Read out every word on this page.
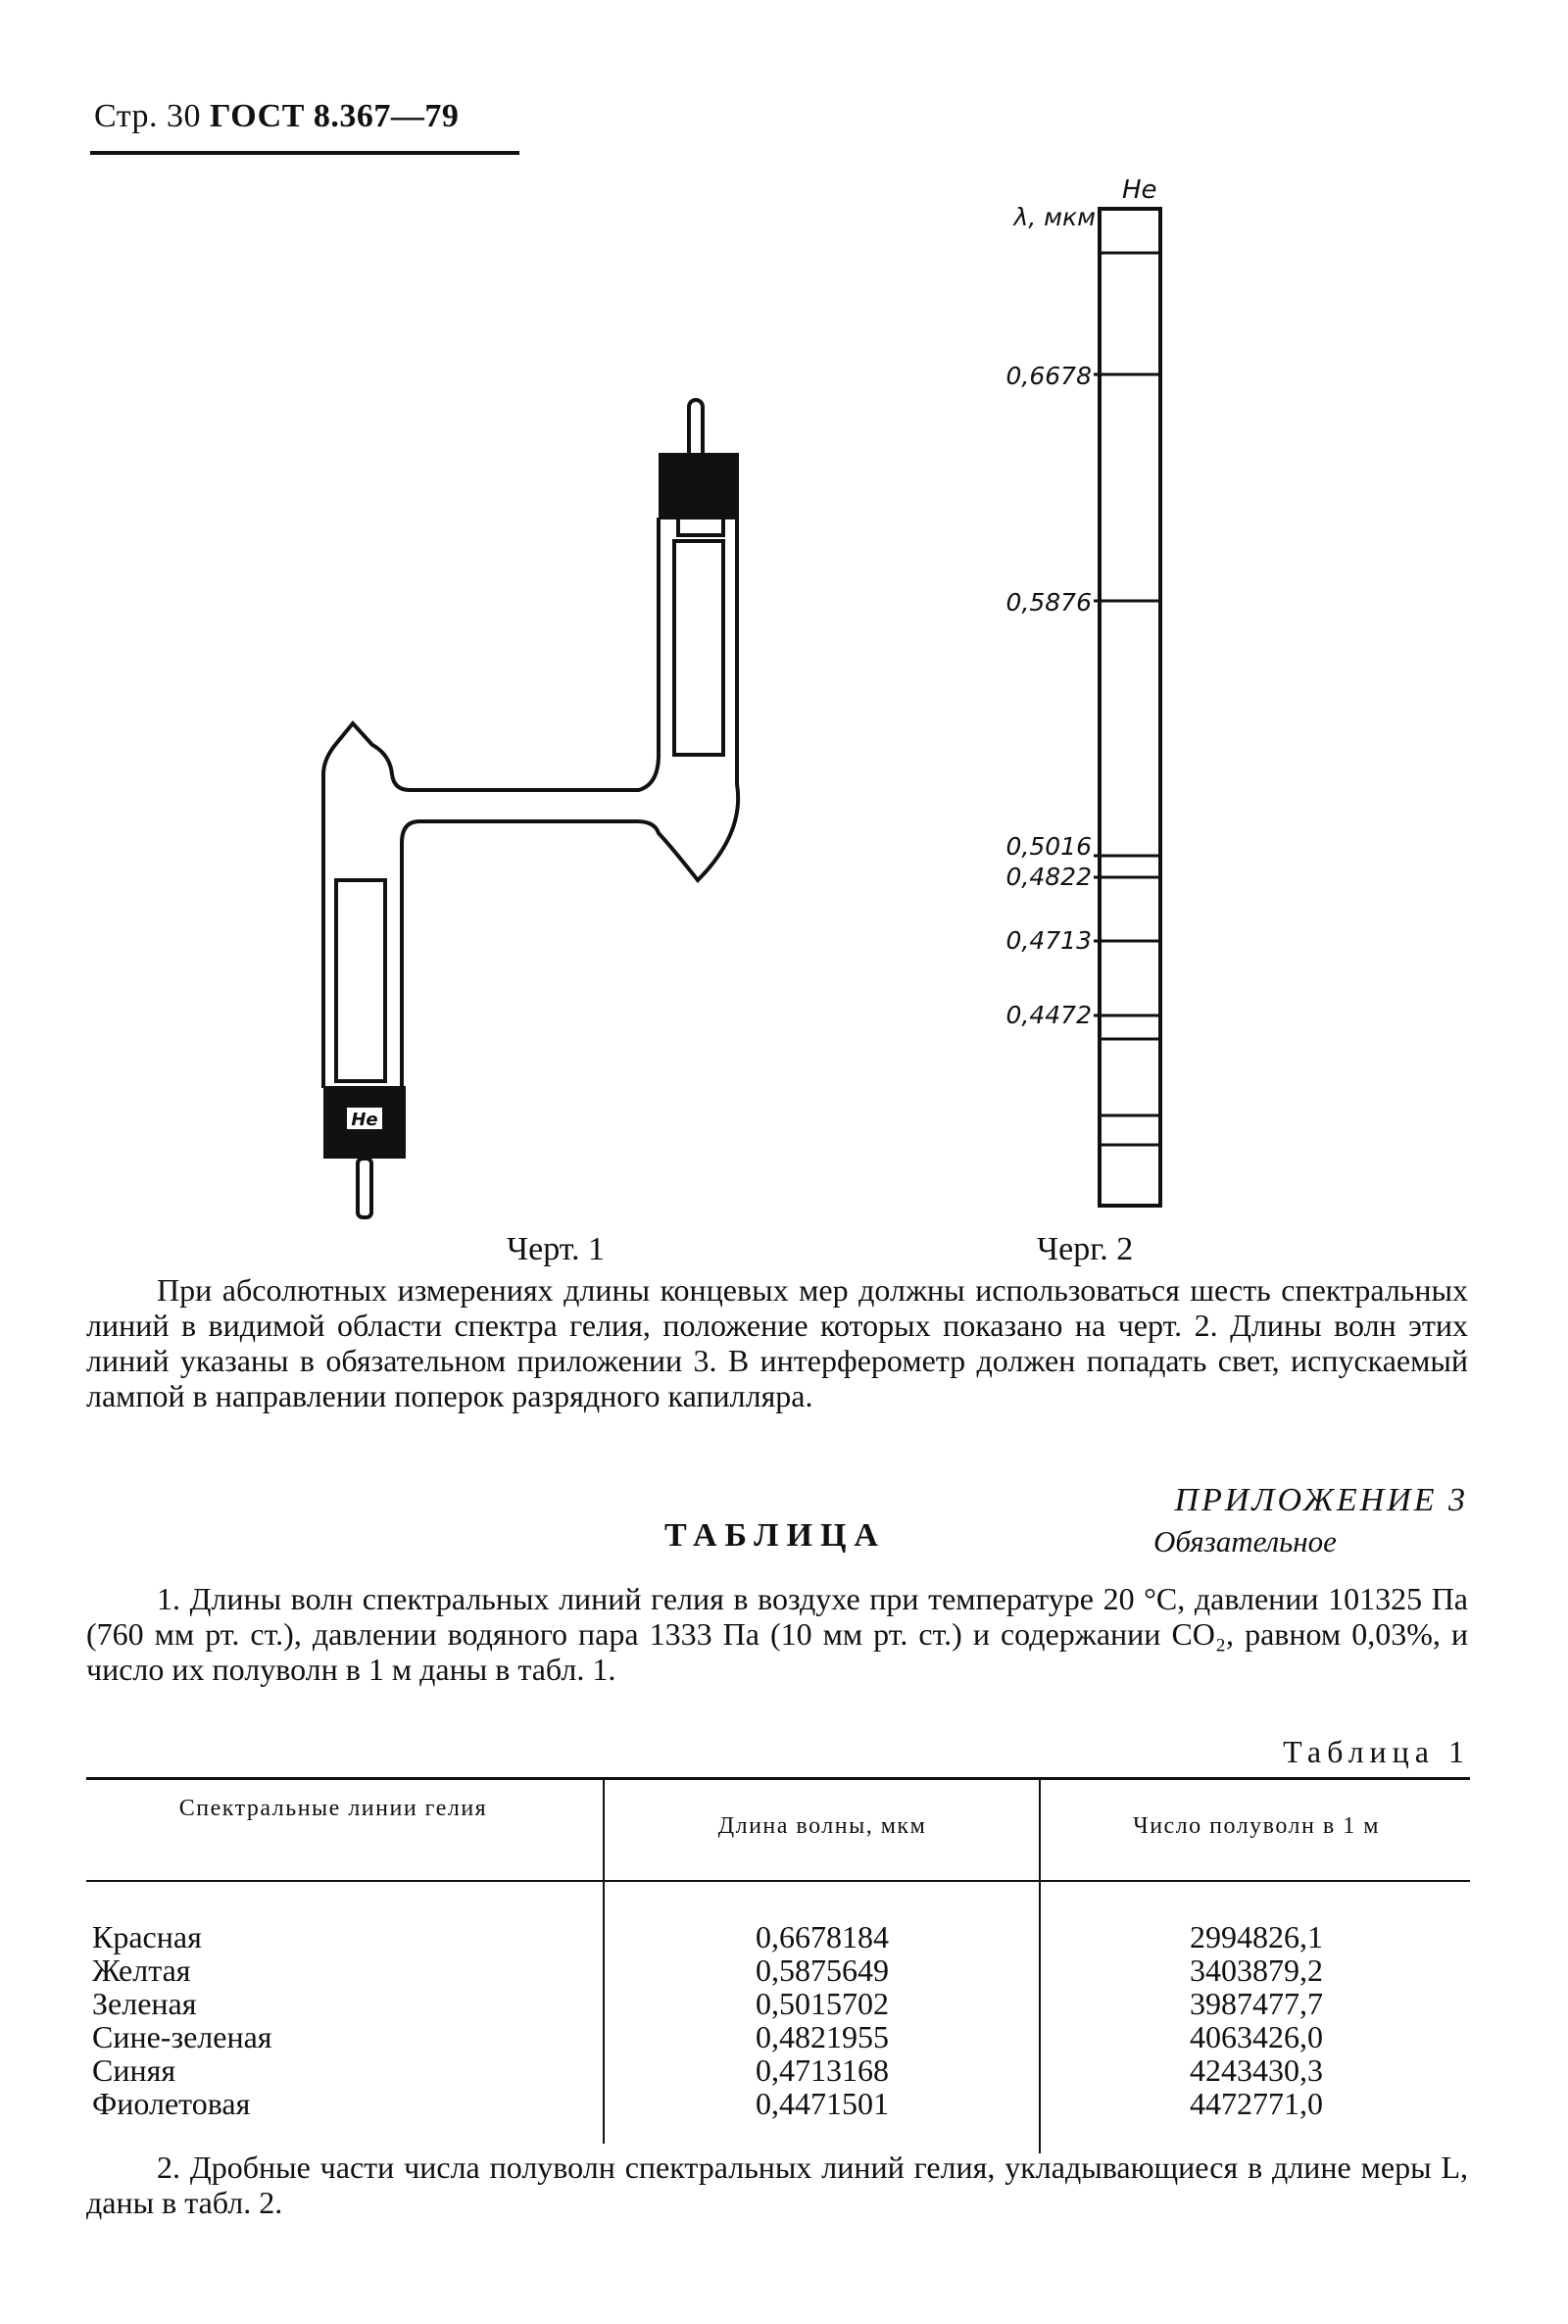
Стр. 30 ГОСТ 8.367—79
He
He
λ, мкм
0,6678
0,5876
0,5016
0,4822
0,4713
0,4472
Черт. 1	Черг. 2
При абсолютных измерениях длины концевых мер должны использоваться шесть спектральных линий в видимой области спектра гелия, положение которых показано на черт. 2. Длины волн этих линий указаны в обязательном приложении 3. В интерферометр должен попадать свет, испускаемый лампой в направлении поперок разрядного капилляра.
ПРИЛОЖЕНИЕ 3
Обязательное
ТАБЛИЦА
1. Длины волн спектральных линий гелия в воздухе при температуре 20 °С, давлении 101325 Па (760 мм рт. ст.), давлении водяного пара 1333 Па (10 мм рт. ст.) и содержании CO₂, равном 0,03%, и число их полуволн в 1 м даны в табл. 1.
Таблица 1
Спектральные линии гелия
Длина волны, мкм	Число полуволн в 1 м
Красная
Желтая
Зеленая
Сине-зеленая
Синяя
Фиолетовая
0,6678184
0,5875649
0,5015702
0,4821955
0,4713168
0,4471501
2994826,1
3403879,2
3987477,7
4063426,0
4243430,3
4472771,0
2. Дробные части числа полуволн спектральных линий гелия, укладывающиеся в длине меры L, даны в табл. 2.
